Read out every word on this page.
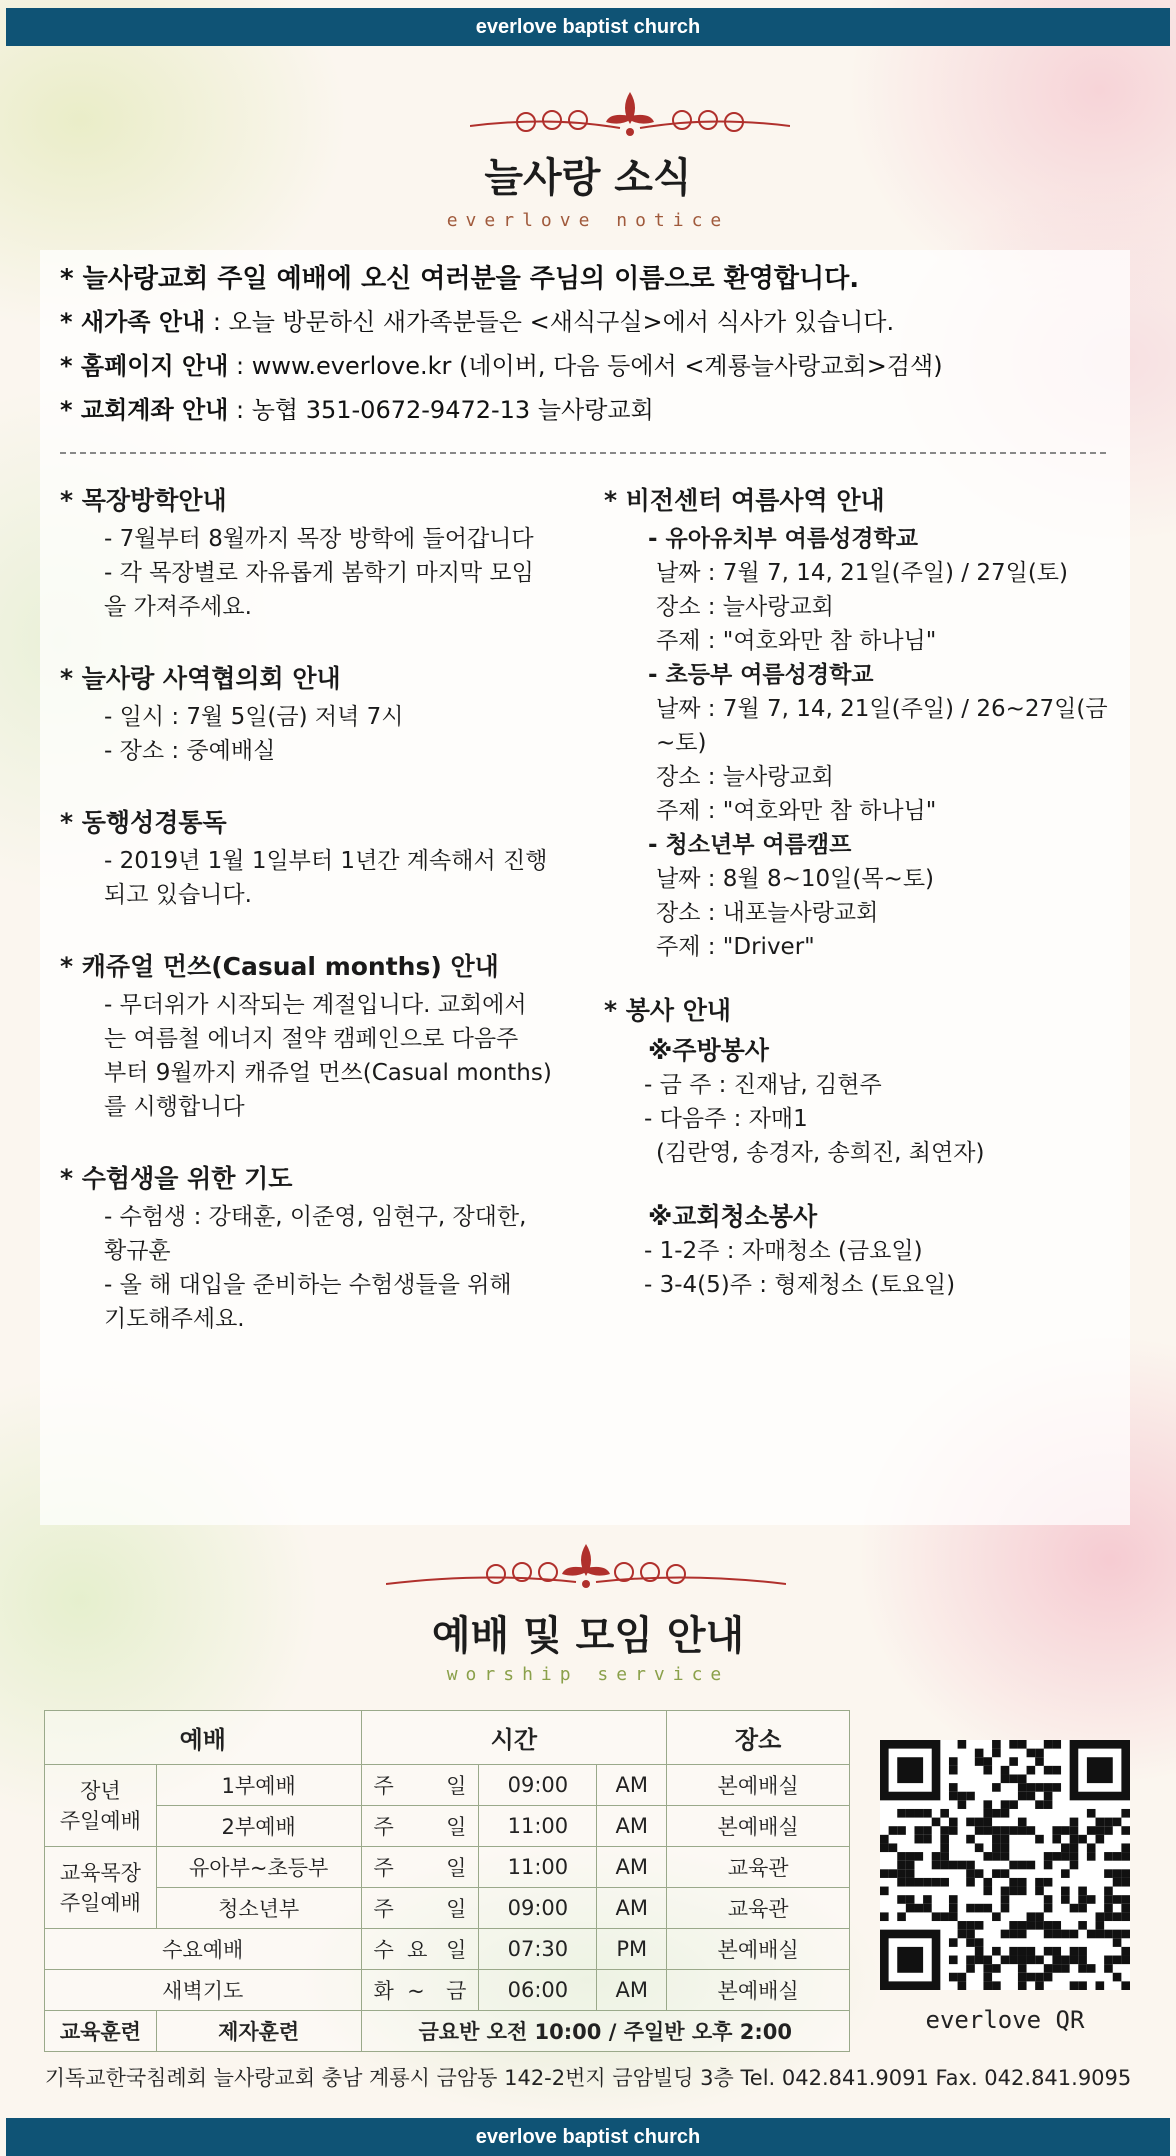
everlove baptist church
늘사랑 소식
everlove notice
* 늘사랑교회 주일 예배에 오신 여러분을 주님의 이름으로 환영합니다.
* 새가족 안내 : 오늘 방문하신 새가족분들은 <새식구실>에서 식사가 있습니다.
* 홈페이지 안내 : www.everlove.kr (네이버, 다음 등에서 <계룡늘사랑교회>검색)
* 교회계좌 안내 : 농협 351-0672-9472-13 늘사랑교회
* 목장방학안내
- 7월부터 8월까지 목장 방학에 들어갑니다
- 각 목장별로 자유롭게 봄학기 마지막 모임
을 가져주세요.
* 늘사랑 사역협의회 안내
- 일시 : 7월 5일(금) 저녁 7시
- 장소 : 중예배실
* 동행성경통독
- 2019년 1월 1일부터 1년간 계속해서 진행
되고 있습니다.
* 캐쥬얼 먼쓰(Casual months) 안내
- 무더위가 시작되는 계절입니다. 교회에서
는 여름철 에너지 절약 캠페인으로 다음주
부터 9월까지 캐쥬얼 먼쓰(Casual months)
를 시행합니다
* 수험생을 위한 기도
- 수험생 : 강태훈, 이준영, 임현구, 장대한,
황규훈
- 올 해 대입을 준비하는 수험생들을 위해
기도해주세요.
* 비전센터 여름사역 안내
- 유아유치부 여름성경학교
날짜 : 7월 7, 14, 21일(주일) / 27일(토)
장소 : 늘사랑교회
주제 : "여호와만 참 하나님"
- 초등부 여름성경학교
날짜 : 7월 7, 14, 21일(주일) / 26~27일(금~토)
장소 : 늘사랑교회
주제 : "여호와만 참 하나님"
- 청소년부 여름캠프
날짜 : 8월 8~10일(목~토)
장소 : 내포늘사랑교회
주제 : "Driver"
* 봉사 안내
※주방봉사
- 금 주 : 진재남, 김현주
- 다음주 : 자매1
(김란영, 송경자, 송희진, 최연자)
※교회청소봉사
- 1-2주 : 자매청소 (금요일)
- 3-4(5)주 : 형제청소 (토요일)
예배 및 모임 안내
worship service
예배		시간			장소
장년
주일예배	1부예배	주 일	09:00	AM	본예배실
	2부예배	주 일	11:00	AM	본예배실
교육목장
주일예배	유아부~초등부	주 일	11:00	AM	교육관
	청소년부	주 일	09:00	AM	교육관
수요예배		수  요 일	07:30	PM	본예배실
새벽기도		화  ~ 금	06:00	AM	본예배실
교육훈련	제자훈련	금요반 오전 10:00 / 주일반 오후 2:00				everlove QR
기독교한국침례회 늘사랑교회 충남 계룡시 금암동 142-2번지 금암빌딩 3층 Tel. 042.841.9091 Fax. 042.841.9095
everlove baptist church
